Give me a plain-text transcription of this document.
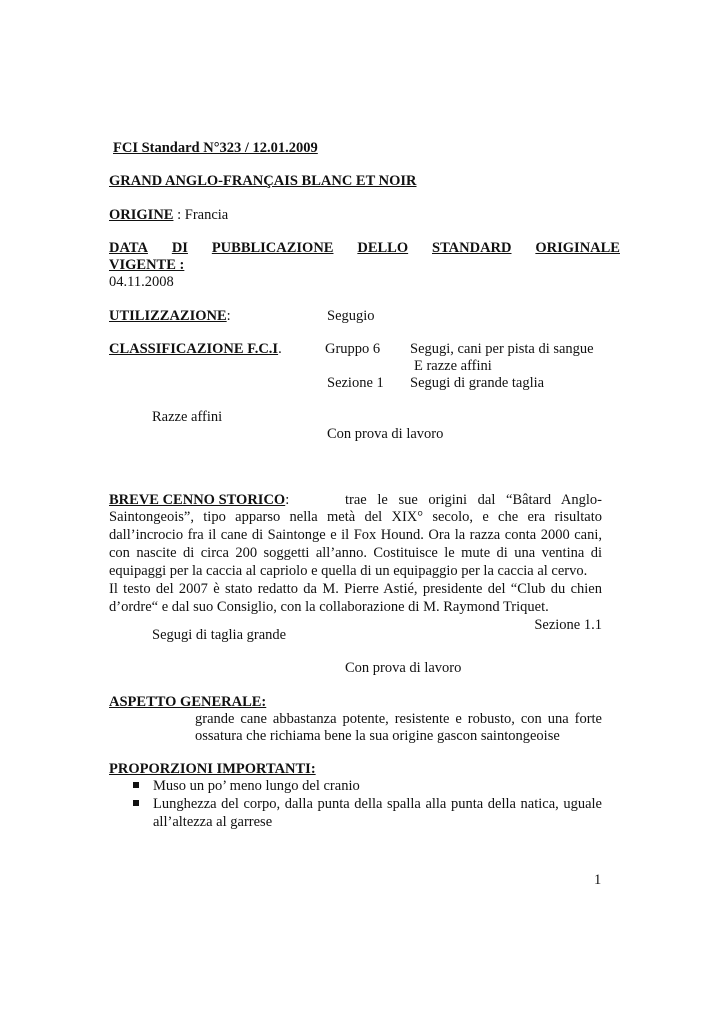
FCI Standard N°323 / 12.01.2009
GRAND ANGLO-FRANÇAIS BLANC ET NOIR
ORIGINE : Francia
DATA DI PUBBLICAZIONE DELLO STANDARD ORIGINALE
VIGENTE :
04.11.2008
UTILIZZAZIONE:	Segugio
CLASSIFICAZIONE F.C.I.	Gruppo 6 Segugi, cani per pista di sangue
E razze affini
Sezione 1 Segugi di grande taglia
Razze affini
Con prova di lavoro
BREVE CENNO STORICO:	trae le sue origini dal “Bâtard Anglo-
Saintongeois”, tipo apparso nella metà del XIX° secolo, e che era risultato
dall’incrocio fra il cane di Saintonge e il Fox Hound. Ora la razza conta 2000 cani,
con nascite di circa 200 soggetti all’anno. Costituisce le mute di una ventina di
equipaggi per la caccia al capriolo e quella di un equipaggio per la caccia al cervo.
Il testo del 2007 è stato redatto da M. Pierre Astié, presidente del “Club du chien
d’ordre“ e dal suo Consiglio, con la collaborazione di M. Raymond Triquet.
Sezione 1.1
Segugi di taglia grande
Con prova di lavoro
ASPETTO GENERALE:
grande cane abbastanza potente, resistente e robusto, con una forte
ossatura che richiama bene la sua origine gascon saintongeoise
PROPORZIONI IMPORTANTI:
Muso un po’ meno lungo del cranio
Lunghezza del corpo, dalla punta della spalla alla punta della natica, uguale all’altezza al garrese
1
